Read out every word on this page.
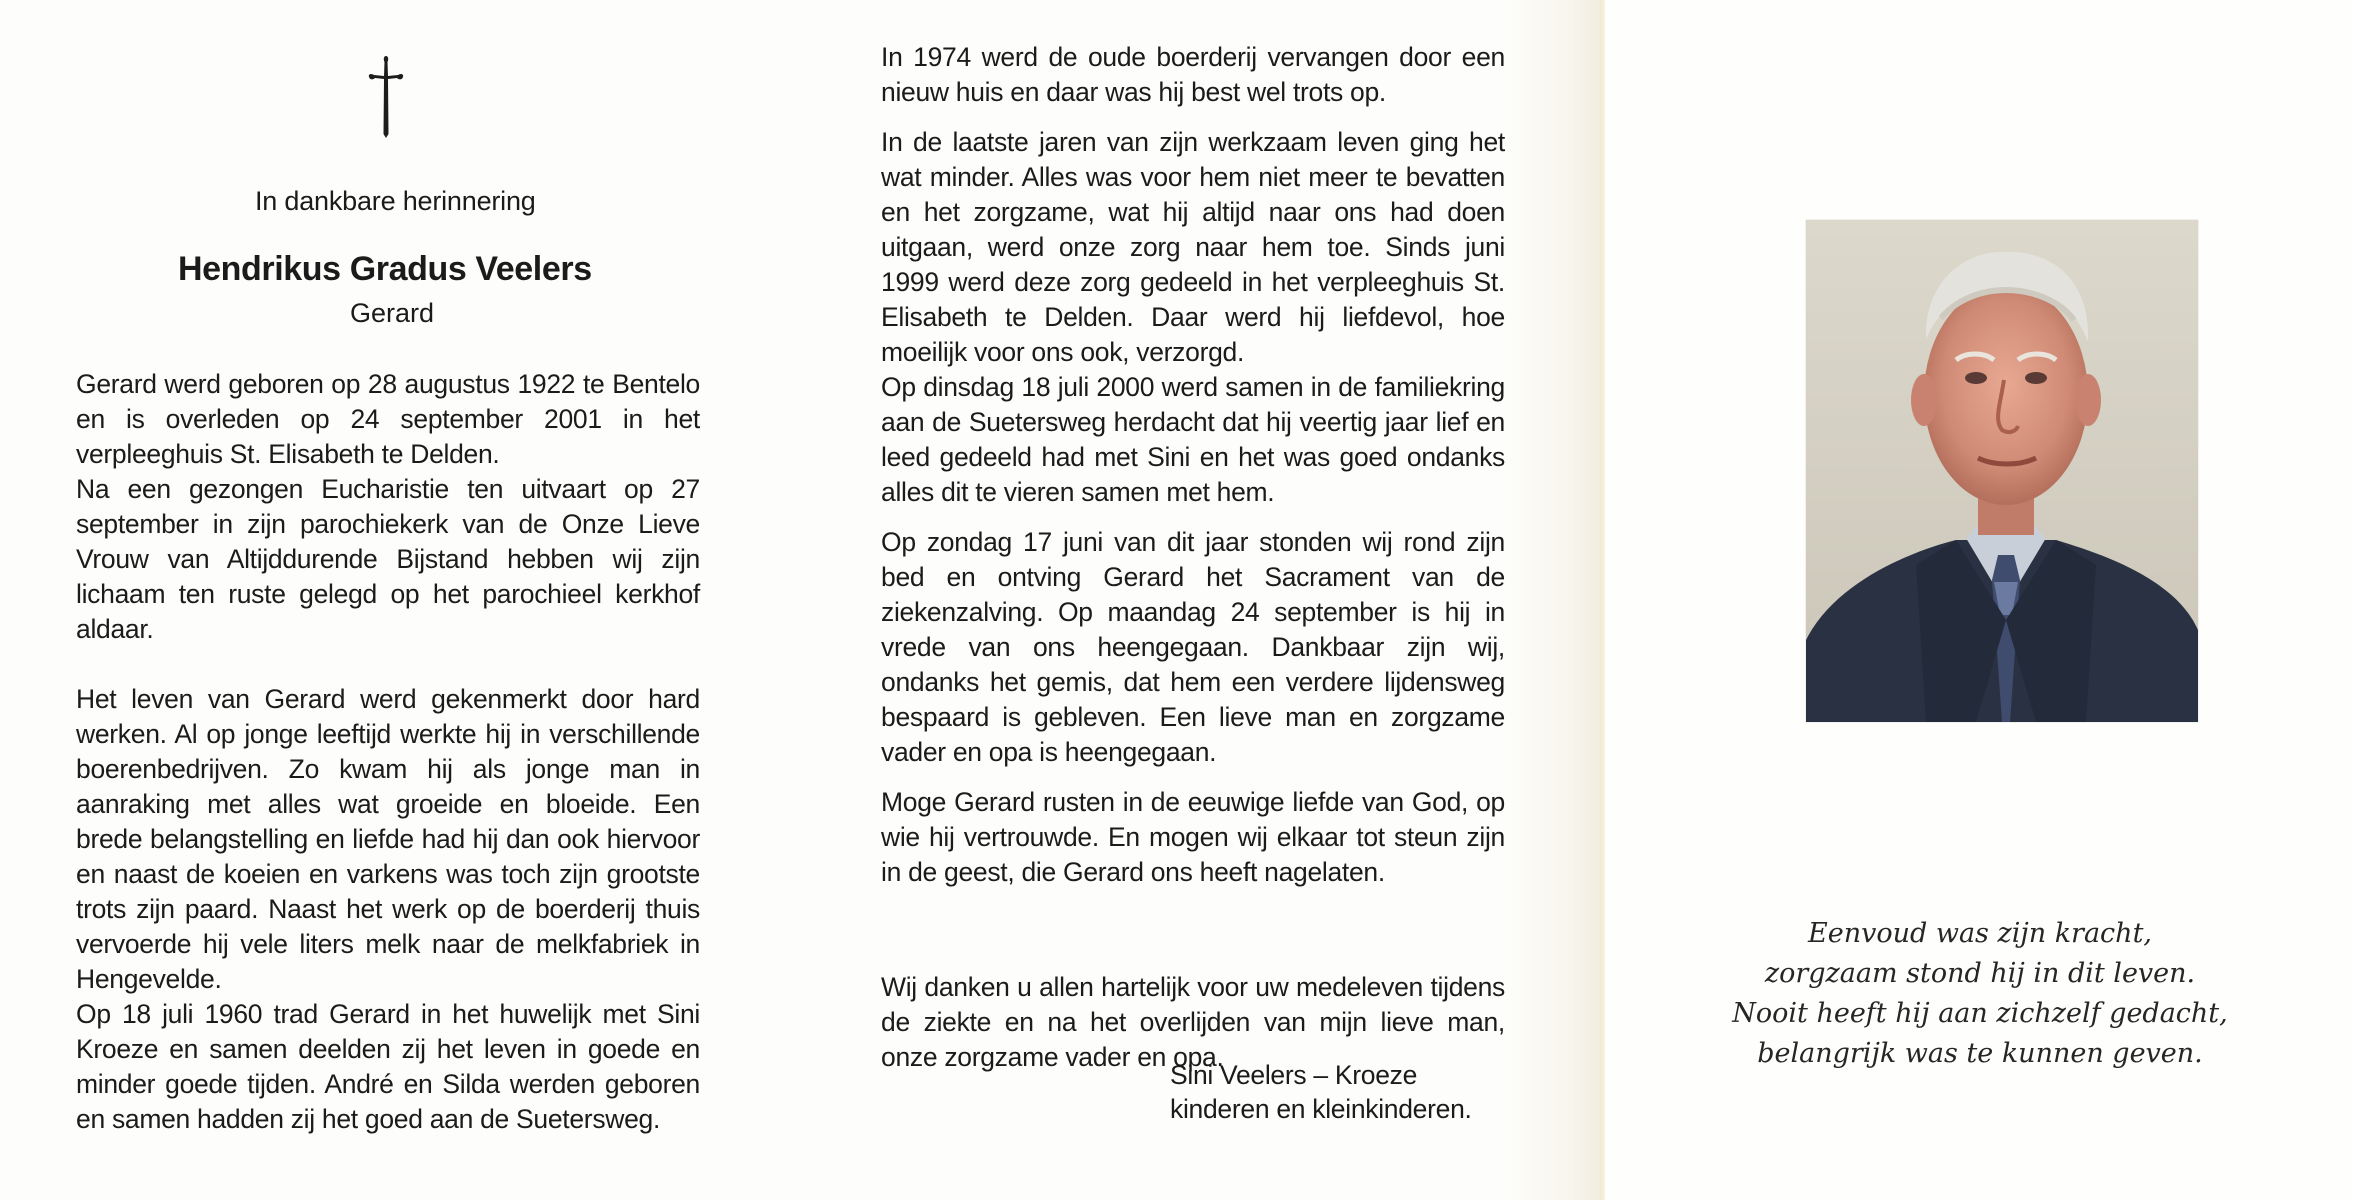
In dankbare herinnering
Hendrikus Gradus Veelers
Gerard

Gerard werd geboren op 28 augustus 1922 te Bentelo en is overleden op 24 september 2001 in het verpleeghuis St. Elisabeth te Delden.

Na een gezongen Eucharistie ten uitvaart op 27 september in zijn parochiekerk van de Onze Lieve Vrouw van Altijddurende Bijstand hebben wij zijn lichaam ten ruste gelegd op het parochieel kerkhof aldaar.

Het leven van Gerard werd gekenmerkt door hard werken. Al op jonge leeftijd werkte hij in verschillende boerenbedrijven. Zo kwam hij als jonge man in aanraking met alles wat groeide en bloeide. Een brede belangstelling en liefde had hij dan ook hiervoor en naast de koeien en varkens was toch zijn grootste trots zijn paard. Naast het werk op de boerderij thuis vervoerde hij vele liters melk naar de melkfabriek in Hengevelde.

Op 18 juli 1960 trad Gerard in het huwelijk met Sini Kroeze en samen deelden zij het leven in goede en minder goede tijden. André en Silda werden geboren en samen hadden zij het goed aan de Suetersweg.

In 1974 werd de oude boerderij vervangen door een nieuw huis en daar was hij best wel trots op.

In de laatste jaren van zijn werkzaam leven ging het wat minder. Alles was voor hem niet meer te bevatten en het zorgzame, wat hij altijd naar ons had doen uitgaan, werd onze zorg naar hem toe. Sinds juni 1999 werd deze zorg gedeeld in het verpleeghuis St. Elisabeth te Delden. Daar werd hij liefdevol, hoe moeilijk voor ons ook, verzorgd.

Op dinsdag 18 juli 2000 werd samen in de familiekring aan de Suetersweg herdacht dat hij veertig jaar lief en leed gedeeld had met Sini en het was goed ondanks alles dit te vieren samen met hem.

Op zondag 17 juni van dit jaar stonden wij rond zijn bed en ontving Gerard het Sacrament van de ziekenzalving. Op maandag 24 september is hij in vrede van ons heengegaan. Dankbaar zijn wij, ondanks het gemis, dat hem een verdere lijdensweg bespaard is gebleven. Een lieve man en zorgzame vader en opa is heengegaan.

Moge Gerard rusten in de eeuwige liefde van God, op wie hij vertrouwde. En mogen wij elkaar tot steun zijn in de geest, die Gerard ons heeft nagelaten.

Wij danken u allen hartelijk voor uw medeleven tijdens de ziekte en na het overlijden van mijn lieve man, onze zorgzame vader en opa.

Sini Veelers – Kroeze
kinderen en kleinkinderen.
Eenvoud was zijn kracht,
zorgzaam stond hij in dit leven.
Nooit heeft hij aan zichzelf gedacht,
belangrijk was te kunnen geven.
